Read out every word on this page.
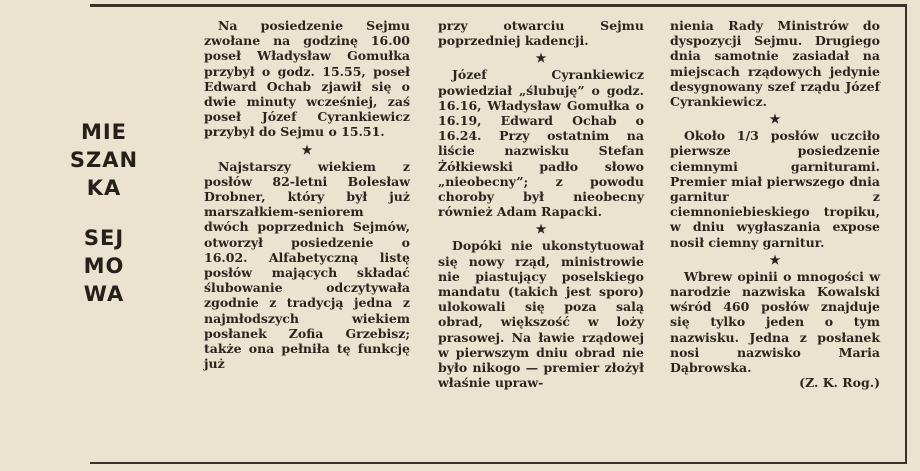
MIE
SZAN
KA
SEJ
MO
WA

Na posiedzenie Sejmu zwołane na godzinę 16.00 poseł Władysław Gomułka przybył o godz. 15.55, poseł Edward Ochab zjawił się o dwie minuty wcześniej, zaś poseł Józef Cyrankiewicz przybył do Sejmu o 15.51.

★

Najstarszy wiekiem z posłów 82-letni Bolesław Drobner, który był już marszałkiem-seniorem dwóch poprzednich Sejmów, otworzył posiedzenie o 16.02. Alfabetyczną listę posłów mających składać ślubowanie odczytywała zgodnie z tradycją jedna z najmłodszych wiekiem posłanek Zofia Grzebisz; także ona pełniła tę funkcję już

przy otwarciu Sejmu poprzedniej kadencji.

★

Józef Cyrankiewicz powiedział „ślubuję” o godz. 16.16, Władysław Gomułka o 16.19, Edward Ochab o 16.24. Przy ostatnim na liście nazwisku Stefan Żółkiewski padło słowo „nieobecny”; z powodu choroby był nieobecny również Adam Rapacki.

★

Dopóki nie ukonstytuował się nowy rząd, ministrowie nie piastujący poselskiego mandatu (takich jest sporo) ulokowali się poza salą obrad, większość w loży prasowej. Na ławie rządowej w pierwszym dniu obrad nie było nikogo — premier złożył właśnie upraw-

nienia Rady Ministrów do dyspozycji Sejmu. Drugiego dnia samotnie zasiadał na miejscach rządowych jedynie desygnowany szef rządu Józef Cyrankiewicz.

★

Około 1/3 posłów uczciło pierwsze posiedzenie ciemnymi garniturami. Premier miał pierwszego dnia garnitur z ciemnoniebieskiego tropiku, w dniu wygłaszania expose nosił ciemny garnitur.

★

Wbrew opinii o mnogości w narodzie nazwiska Kowalski wśród 460 posłów znajduje się tylko jeden o tym nazwisku. Jedna z posłanek nosi nazwisko Maria Dąbrowska.

(Z. K. Rog.)
